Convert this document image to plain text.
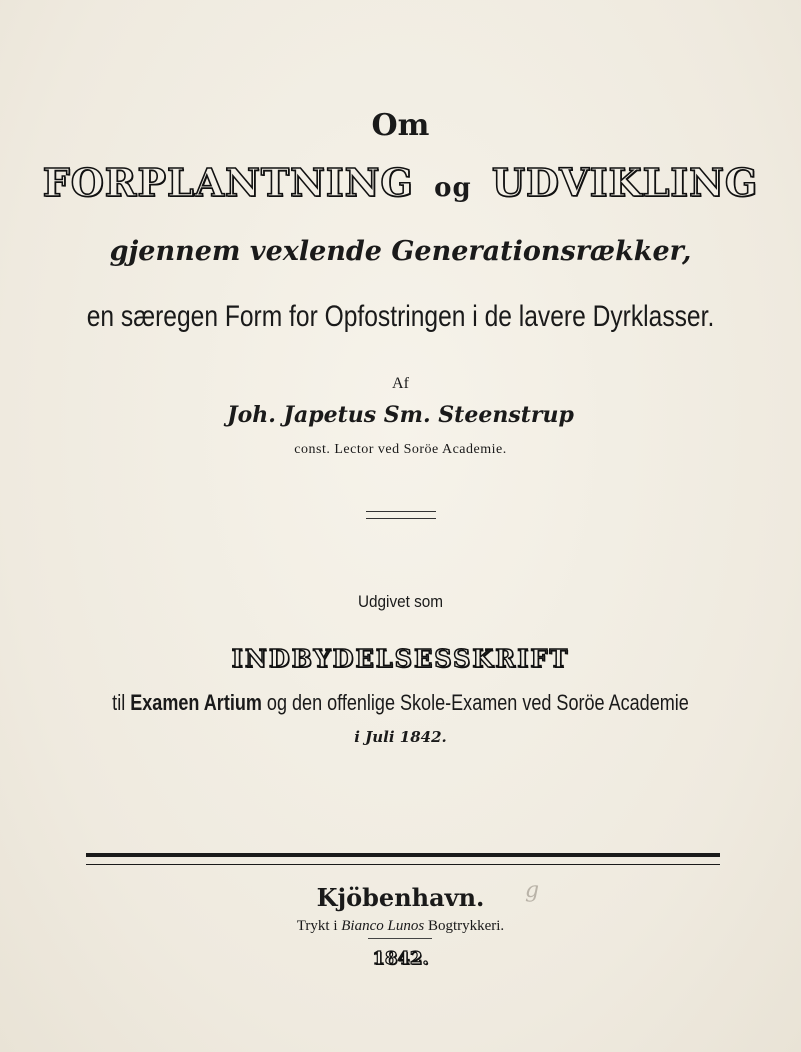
Om
FORPLANTNING og UDVIKLING
gjennem vexlende Generationsrækker,
en særegen Form for Opfostringen i de lavere Dyrklasser.
Af
Joh. Japetus Sm. Steenstrup
const. Lector ved Soröe Academie.
Udgivet som
INDBYDELSESSKRIFT
til Examen Artium og den offenlige Skole-Examen ved Soröe Academie
i Juli 1842.
Kjöbenhavn.	g
Trykt i Bianco Lunos Bogtrykkeri.
1842.
